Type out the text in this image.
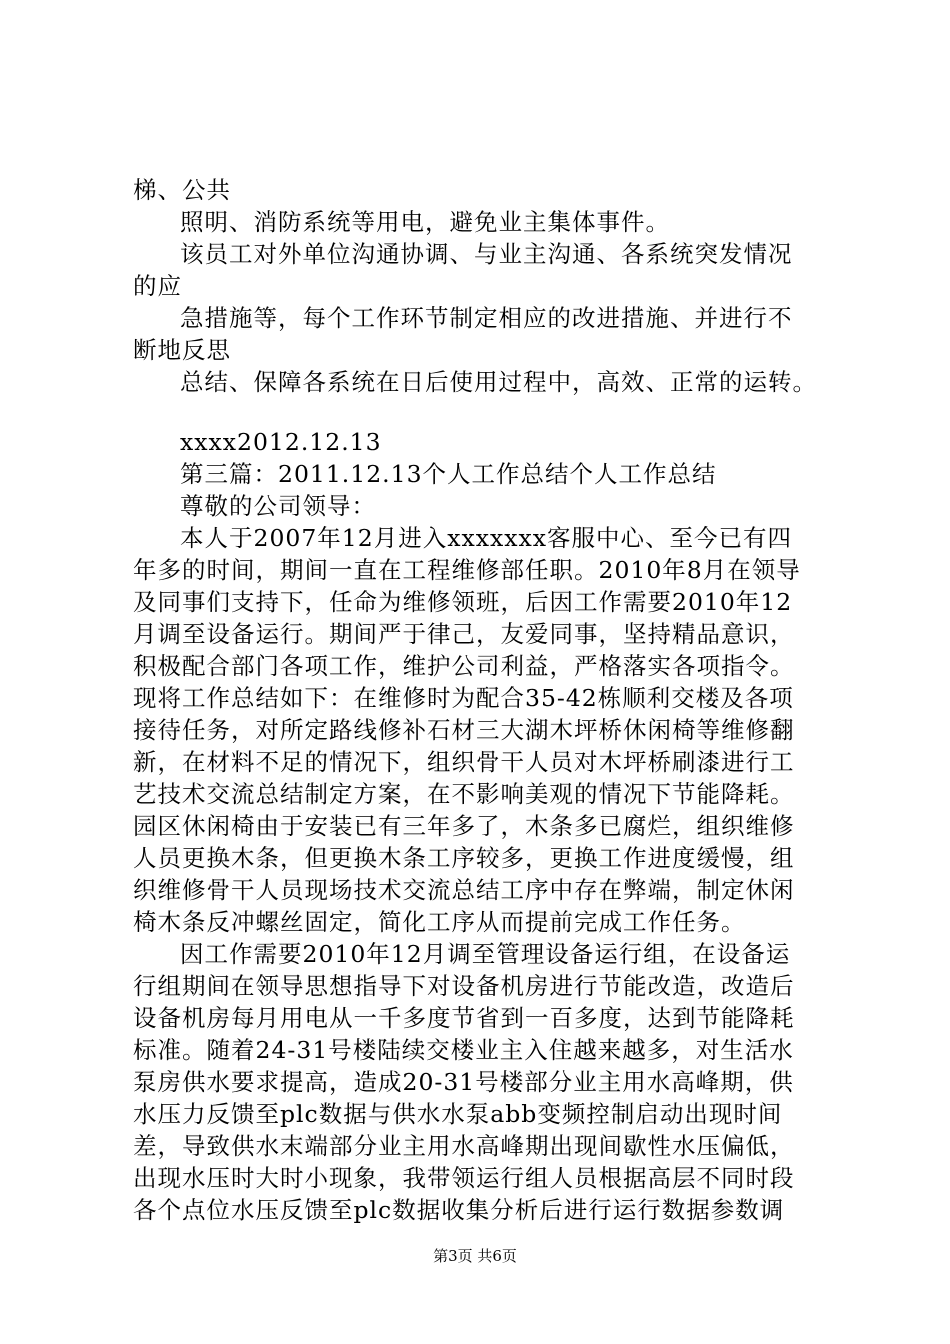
梯、公共
照明、消防系统等用电，避免业主集体事件。
该员工对外单位沟通协调、与业主沟通、各系统突发情况
的应
急措施等，每个工作环节制定相应的改进措施、并进行不
断地反思
总结、保障各系统在日后使用过程中，高效、正常的运转。
xxxx2012.12.13
第三篇：2011.12.13个人工作总结个人工作总结
尊敬的公司领导：
本人于2007年12月进入xxxxxxx客服中心、至今已有四
年多的时间，期间一直在工程维修部任职。2010年8月在领导
及同事们支持下，任命为维修领班，后因工作需要2010年12
月调至设备运行。期间严于律己，友爱同事，坚持精品意识，
积极配合部门各项工作，维护公司利益，严格落实各项指令。
现将工作总结如下：在维修时为配合35-42栋顺利交楼及各项
接待任务，对所定路线修补石材三大湖木坪桥休闲椅等维修翻
新，在材料不足的情况下，组织骨干人员对木坪桥刷漆进行工
艺技术交流总结制定方案，在不影响美观的情况下节能降耗。
园区休闲椅由于安装已有三年多了，木条多已腐烂，组织维修
人员更换木条，但更换木条工序较多，更换工作进度缓慢，组
织维修骨干人员现场技术交流总结工序中存在弊端，制定休闲
椅木条反冲螺丝固定，简化工序从而提前完成工作任务。
因工作需要2010年12月调至管理设备运行组，在设备运
行组期间在领导思想指导下对设备机房进行节能改造，改造后
设备机房每月用电从一千多度节省到一百多度，达到节能降耗
标准。随着24-31号楼陆续交楼业主入住越来越多，对生活水
泵房供水要求提高，造成20-31号楼部分业主用水高峰期，供
水压力反馈至plc数据与供水水泵abb变频控制启动出现时间
差，导致供水末端部分业主用水高峰期出现间歇性水压偏低，
出现水压时大时小现象，我带领运行组人员根据高层不同时段
各个点位水压反馈至plc数据收集分析后进行运行数据参数调
第3页 共6页
